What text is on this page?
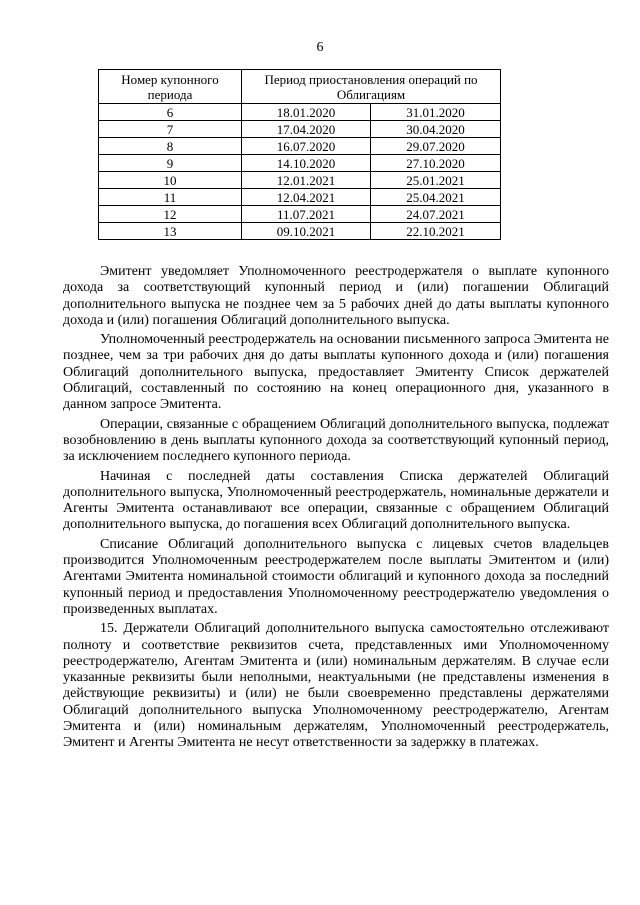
6
Номер купонного периода	Период приостановления операций по Облигациям	
6	18.01.2020	31.01.2020
7	17.04.2020	30.04.2020
8	16.07.2020	29.07.2020
9	14.10.2020	27.10.2020
10	12.01.2021	25.01.2021
11	12.04.2021	25.04.2021
12	11.07.2021	24.07.2021
13	09.10.2021	22.10.2021

Эмитент уведомляет Уполномоченного реестродержателя о выплате купонного дохода за соответствующий купонный период и (или) погашении Облигаций дополнительного выпуска не позднее чем за 5 рабочих дней до даты выплаты купонного дохода и (или) погашения Облигаций дополнительного выпуска.

Уполномоченный реестродержатель на основании письменного запроса Эмитента не позднее, чем за три рабочих дня до даты выплаты купонного дохода и (или) погашения Облигаций дополнительного выпуска, предоставляет Эмитенту Список держателей Облигаций, составленный по состоянию на конец операционного дня, указанного в данном запросе Эмитента.

Операции, связанные с обращением Облигаций дополнительного выпуска, подлежат возобновлению в день выплаты купонного дохода за соответствующий купонный период, за исключением последнего купонного периода.

Начиная с последней даты составления Списка держателей Облигаций дополнительного выпуска, Уполномоченный реестродержатель, номинальные держатели и Агенты Эмитента останавливают все операции, связанные с обращением Облигаций дополнительного выпуска, до погашения всех Облигаций дополнительного выпуска.

Списание Облигаций дополнительного выпуска с лицевых счетов владельцев производится Уполномоченным реестродержателем после выплаты Эмитентом и (или) Агентами Эмитента номинальной стоимости облигаций и купонного дохода за последний купонный период и предоставления Уполномоченному реестродержателю уведомления о произведенных выплатах.

15. Держатели Облигаций дополнительного выпуска самостоятельно отслеживают полноту и соответствие реквизитов счета, представленных ими Уполномоченному реестродержателю, Агентам Эмитента и (или) номинальным держателям. В случае если указанные реквизиты были неполными, неактуальными (не представлены изменения в действующие реквизиты) и (или) не были своевременно представлены держателями Облигаций дополнительного выпуска Уполномоченному реестродержателю, Агентам Эмитента и (или) номинальным держателям, Уполномоченный реестродержатель, Эмитент и Агенты Эмитента не несут ответственности за задержку в платежах.
